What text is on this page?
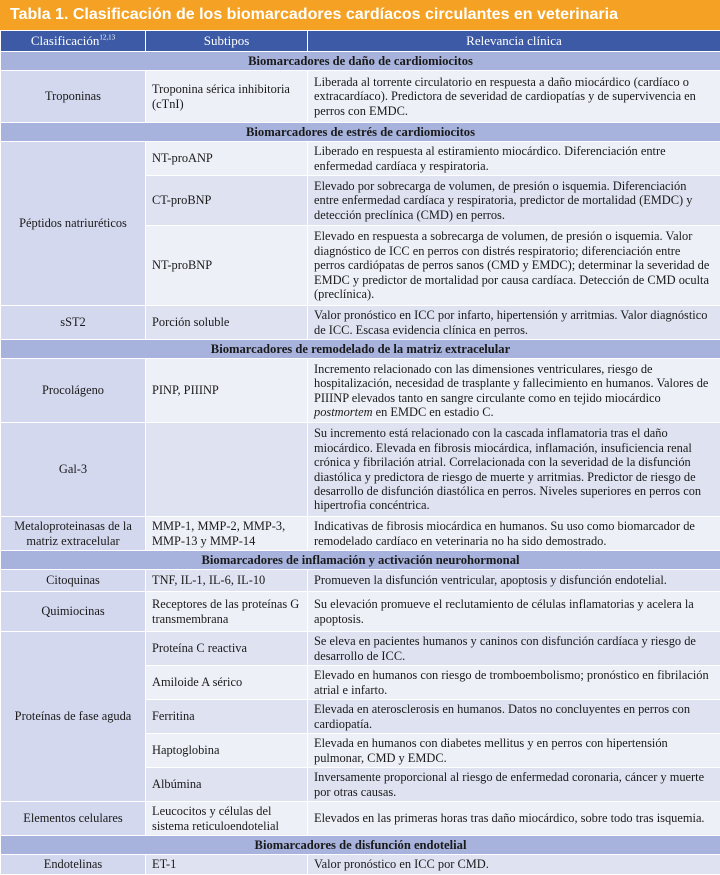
Tabla 1. Clasificación de los biomarcadores cardíacos circulantes en veterinaria
Clasificación$^{12,13}$	Subtipos	Relevancia clínica
Biomarcadores de daño de cardiomiocitos		
Troponinas	Troponina sérica inhibitoria (cTnI)	Liberada al torrente circulatorio en respuesta a daño miocárdico (cardíaco o extracardíaco). Predictora de severidad de cardiopatías y de supervivencia en perros con EMDC.
Biomarcadores de estrés de cardiomiocitos		
Péptidos natriuréticos	NT-proANP	Liberado en respuesta al estiramiento miocárdico. Diferenciación entre enfermedad cardíaca y respiratoria.
	CT-proBNP	Elevado por sobrecarga de volumen, de presión o isquemia. Diferenciación entre enfermedad cardíaca y respiratoria, predictor de mortalidad (EMDC) y detección preclínica (CMD) en perros.
	NT-proBNP	Elevado en respuesta a sobrecarga de volumen, de presión o isquemia. Valor diagnóstico de ICC en perros con distrés respiratorio; diferenciación entre perros cardiópatas de perros sanos (CMD y EMDC); determinar la severidad de EMDC y predictor de mortalidad por causa cardíaca. Detección de CMD oculta (preclínica).
sST2	Porción soluble	Valor pronóstico en ICC por infarto, hipertensión y arritmias. Valor diagnóstico de ICC. Escasa evidencia clínica en perros.
Biomarcadores de remodelado de la matriz extracelular		
Procolágeno	PINP, PIIINP	Incremento relacionado con las dimensiones ventriculares, riesgo de hospitalización, necesidad de trasplante y fallecimiento en humanos. Valores de PIIINP elevados tanto en sangre circulante como en tejido miocárdico postmortem en EMDC en estadio C.
Gal-3		Su incremento está relacionado con la cascada inflamatoria tras el daño miocárdico. Elevada en fibrosis miocárdica, inflamación, insuficiencia renal crónica y fibrilación atrial. Correlacionada con la severidad de la disfunción diastólica y predictora de riesgo de muerte y arritmias. Predictor de riesgo de desarrollo de disfunción diastólica en perros. Niveles superiores en perros con hipertrofia concéntrica.
Metaloproteinasas de la matriz extracelular	MMP-1, MMP-2, MMP-3, MMP-13 y MMP-14	Indicativas de fibrosis miocárdica en humanos. Su uso como biomarcador de remodelado cardíaco en veterinaria no ha sido demostrado.
Biomarcadores de inflamación y activación neurohormonal		
Citoquinas	TNF, IL-1, IL-6, IL-10	Promueven la disfunción ventricular, apoptosis y disfunción endotelial.
Quimiocinas	Receptores de las proteínas G transmembrana	Su elevación promueve el reclutamiento de células inflamatorias y acelera la apoptosis.
Proteínas de fase aguda	Proteína C reactiva	Se eleva en pacientes humanos y caninos con disfunción cardíaca y riesgo de desarrollo de ICC.
	Amiloide A sérico	Elevado en humanos con riesgo de tromboembolismo; pronóstico en fibrilación atrial e infarto.
	Ferritina	Elevada en aterosclerosis en humanos. Datos no concluyentes en perros con cardiopatía.
	Haptoglobina	Elevada en humanos con diabetes mellitus y en perros con hipertensión pulmonar, CMD y EMDC.
	Albúmina	Inversamente proporcional al riesgo de enfermedad coronaria, cáncer y muerte por otras causas.
Elementos celulares	Leucocitos y células del sistema reticuloendotelial	Elevados en las primeras horas tras daño miocárdico, sobre todo tras isquemia.
Biomarcadores de disfunción endotelial		
Endotelinas	ET-1	Valor pronóstico en ICC por CMD.
